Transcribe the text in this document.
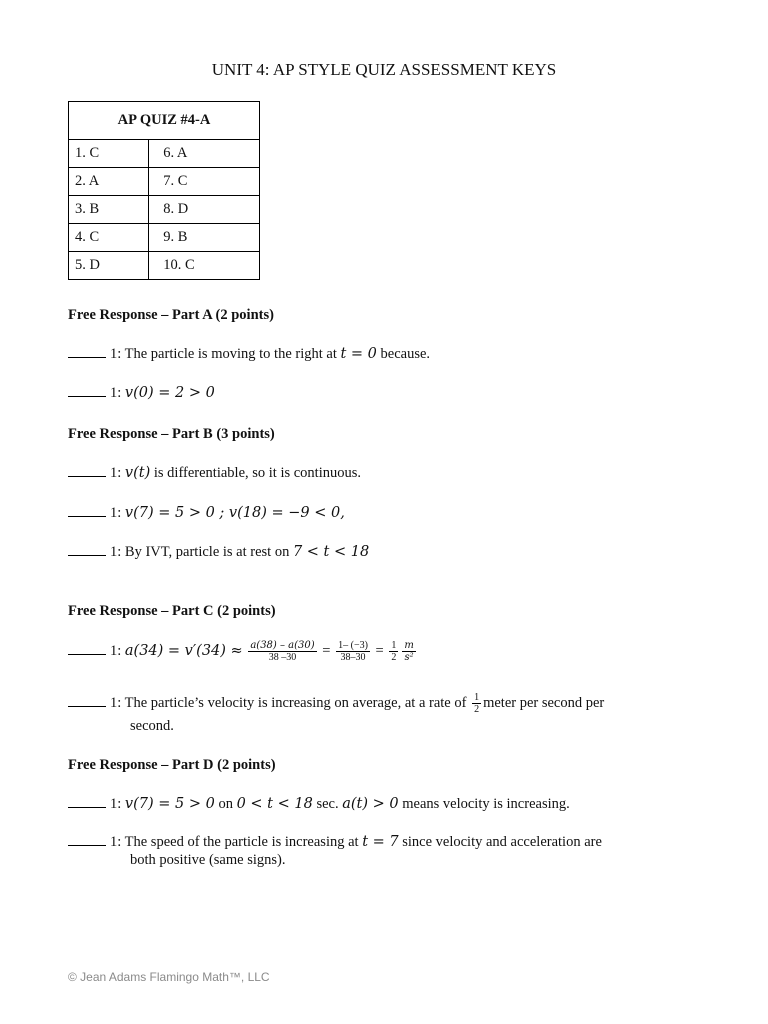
UNIT 4: AP STYLE QUIZ ASSESSMENT KEYS
AP QUIZ #4-A	
1. C	6. A
2. A	7. C
3. B	8. D
4. C	9. B
5. D	10. C
Free Response – Part A (2 points)
1: The particle is moving to the right at t = 0 because.
1: v(0) = 2 > 0
Free Response – Part B (3 points)
1: v(t) is differentiable, so it is continuous.
1: v(7) = 5 > 0 ; v(18) = −9 < 0,
1: By IVT, particle is at rest on 7 < t < 18
Free Response – Part C (2 points)
1: $a(34) = v'(34) \approx \frac{a(38) - a(30)}{38 -30} = \frac{1- (-3)}{38-30} = \frac{1}{2} \frac{m}{\text{s²}}$
1: The particle’s velocity is increasing on average, at a rate of $\frac{1}{2}$ meter per second per
second.
Free Response – Part D (2 points)
1: v(7) = 5 > 0 on 0 < t < 18 sec. a(t) > 0 means velocity is increasing.
1: The speed of the particle is increasing at t = 7 since velocity and acceleration are
both positive (same signs).
© Jean Adams Flamingo Math™, LLC
